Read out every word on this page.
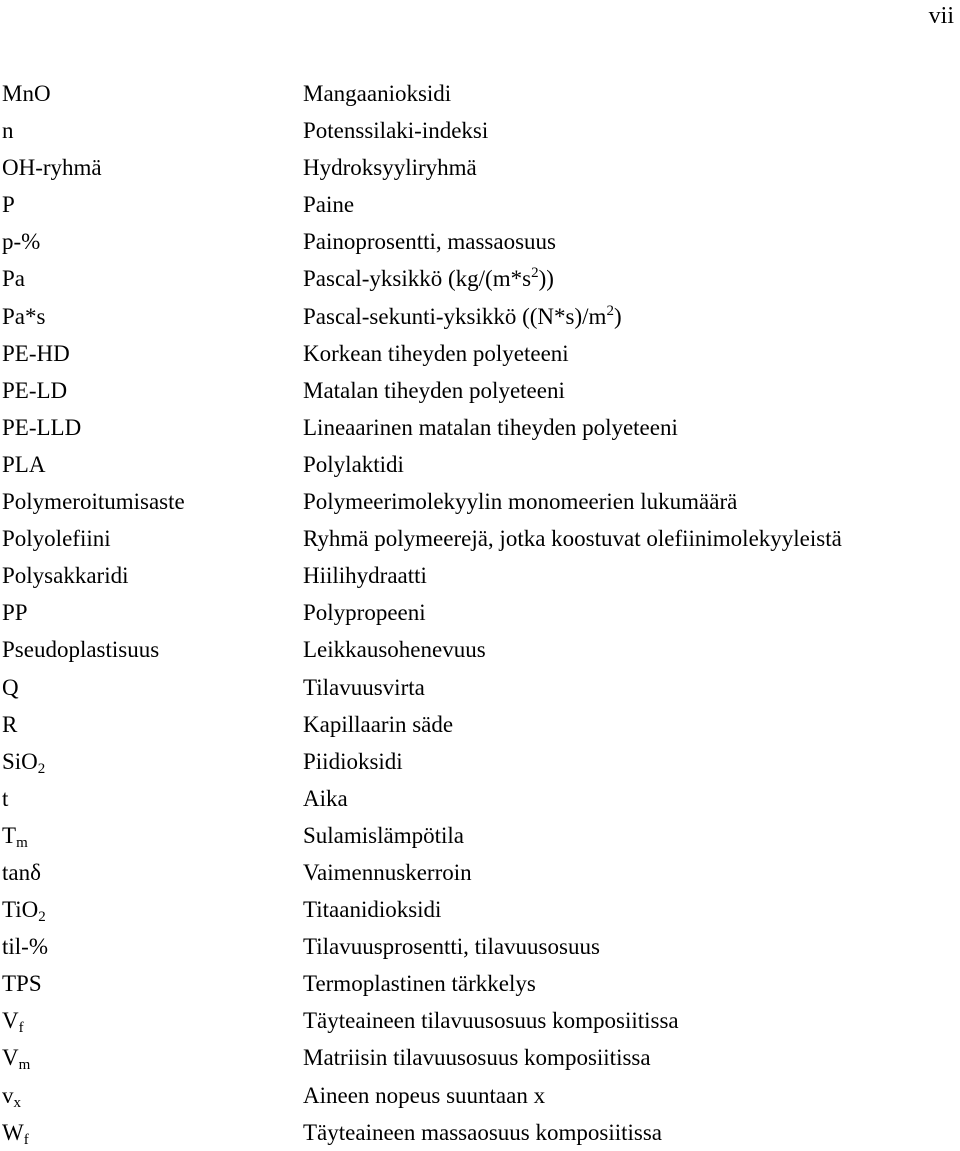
vii
MnO	Mangaanioksidi
n	Potenssilaki-indeksi
OH-ryhmä	Hydroksyyliryhmä
P	Paine
p-%	Painoprosentti, massaosuus
Pa	Pascal-yksikkö $(kg/(m*s^2))$
Pa*s	Pascal-sekunti-yksikkö $((N*s)/m^2)$
PE-HD	Korkean tiheyden polyeteeni
PE-LD	Matalan tiheyden polyeteeni
PE-LLD	Lineaarinen matalan tiheyden polyeteeni
PLA	Polylaktidi
Polymeroitumisaste	Polymeerimolekyylin monomeerien lukumäärä
Polyolefiini	Ryhmä polymeerejä, jotka koostuvat olefiinimolekyyleistä
Polysakkaridi	Hiilihydraatti
PP	Polypropeeni
Pseudoplastisuus	Leikkausohenevuus
Q	Tilavuusvirta
R	Kapillaarin säde
SiO$_2$	Piidioksidi
t	Aika
$T_m$	Sulamislämpötila
tanδ	Vaimennuskerroin
TiO$_2$	Titaanidioksidi
til-%	Tilavuusprosentti, tilavuusosuus
TPS	Termoplastinen tärkkelys
$V_f$	Täyteaineen tilavuusosuus komposiitissa
$V_m$	Matriisin tilavuusosuus komposiitissa
$v_x$	Aineen nopeus suuntaan x
$W_f$	Täyteaineen massaosuus komposiitissa
